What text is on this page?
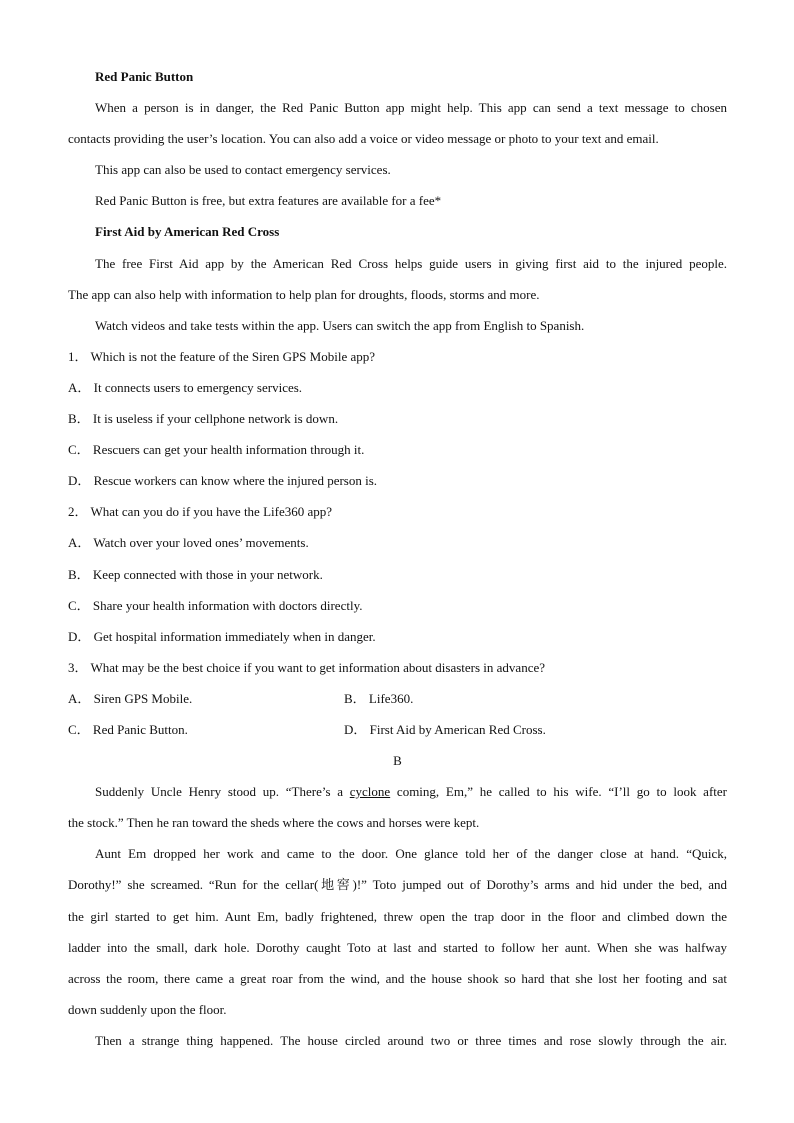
Red Panic Button
When a person is in danger, the Red Panic Button app might help. This app can send a text message to chosen
contacts providing the user’s location. You can also add a voice or video message or photo to your text and email.
This app can also be used to contact emergency services.
Red Panic Button is free, but extra features are available for a fee*
First Aid by American Red Cross
The free First Aid app by the American Red Cross helps guide users in giving first aid to the injured people.
The app can also help with information to help plan for droughts, floods, storms and more.
Watch videos and take tests within the app. Users can switch the app from English to Spanish.
1． Which is not the feature of the Siren GPS Mobile app?
A． It connects users to emergency services.
B． It is useless if your cellphone network is down.
C． Rescuers can get your health information through it.
D． Rescue workers can know where the injured person is.
2． What can you do if you have the Life360 app?
A． Watch over your loved ones’ movements.
B． Keep connected with those in your network.
C． Share your health information with doctors directly.
D． Get hospital information immediately when in danger.
3． What may be the best choice if you want to get information about disasters in advance?
A． Siren GPS Mobile.	B． Life360.
C． Red Panic Button.	D． First Aid by American Red Cross.
B
Suddenly Uncle Henry stood up. “There’s a cyclone coming, Em,” he called to his wife. “I’ll go to look after
the stock.” Then he ran toward the sheds where the cows and horses were kept.
Aunt Em dropped her work and came to the door. One glance told her of the danger close at hand. “Quick,
Dorothy!” she screamed. “Run for the cellar(地窖)!” Toto jumped out of Dorothy’s arms and hid under the bed, and
the girl started to get him. Aunt Em, badly frightened, threw open the trap door in the floor and climbed down the
ladder into the small, dark hole. Dorothy caught Toto at last and started to follow her aunt. When she was halfway
across the room, there came a great roar from the wind, and the house shook so hard that she lost her footing and sat
down suddenly upon the floor.
Then a strange thing happened. The house circled around two or three times and rose slowly through the air.
